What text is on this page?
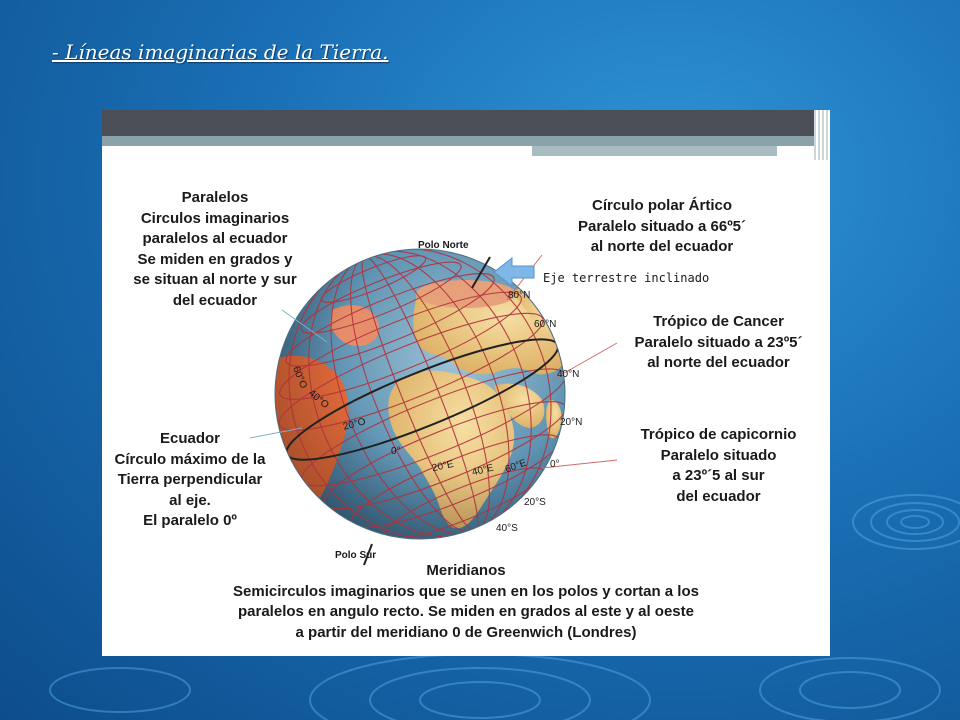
- Líneas imaginarias de la Tierra.
80°N
60°N
40°N
20°N
0°
20°S
40°S
60°O
40°O
20°O
0°
20°E 40°E 60°E
Polo Norte
Polo Sur
Eje terrestre inclinado
Paralelos
Circulos imaginarios
paralelos al ecuador
Se miden en grados y
se situan al norte y sur
del ecuador
Ecuador
Círculo máximo de la
Tierra perpendicular
al eje.
El paralelo 0º
Círculo polar Ártico
Paralelo situado a 66º5´
al norte del ecuador
Trópico de Cancer
Paralelo situado a 23º5´
al norte del ecuador
Trópico de capicornio
Paralelo situado
a 23º´5 al sur
del ecuador
Meridianos
Semicirculos imaginarios que se unen en los polos y cortan a los
paralelos en angulo recto. Se miden en grados al este y al oeste
a partir del meridiano 0 de Greenwich (Londres)
